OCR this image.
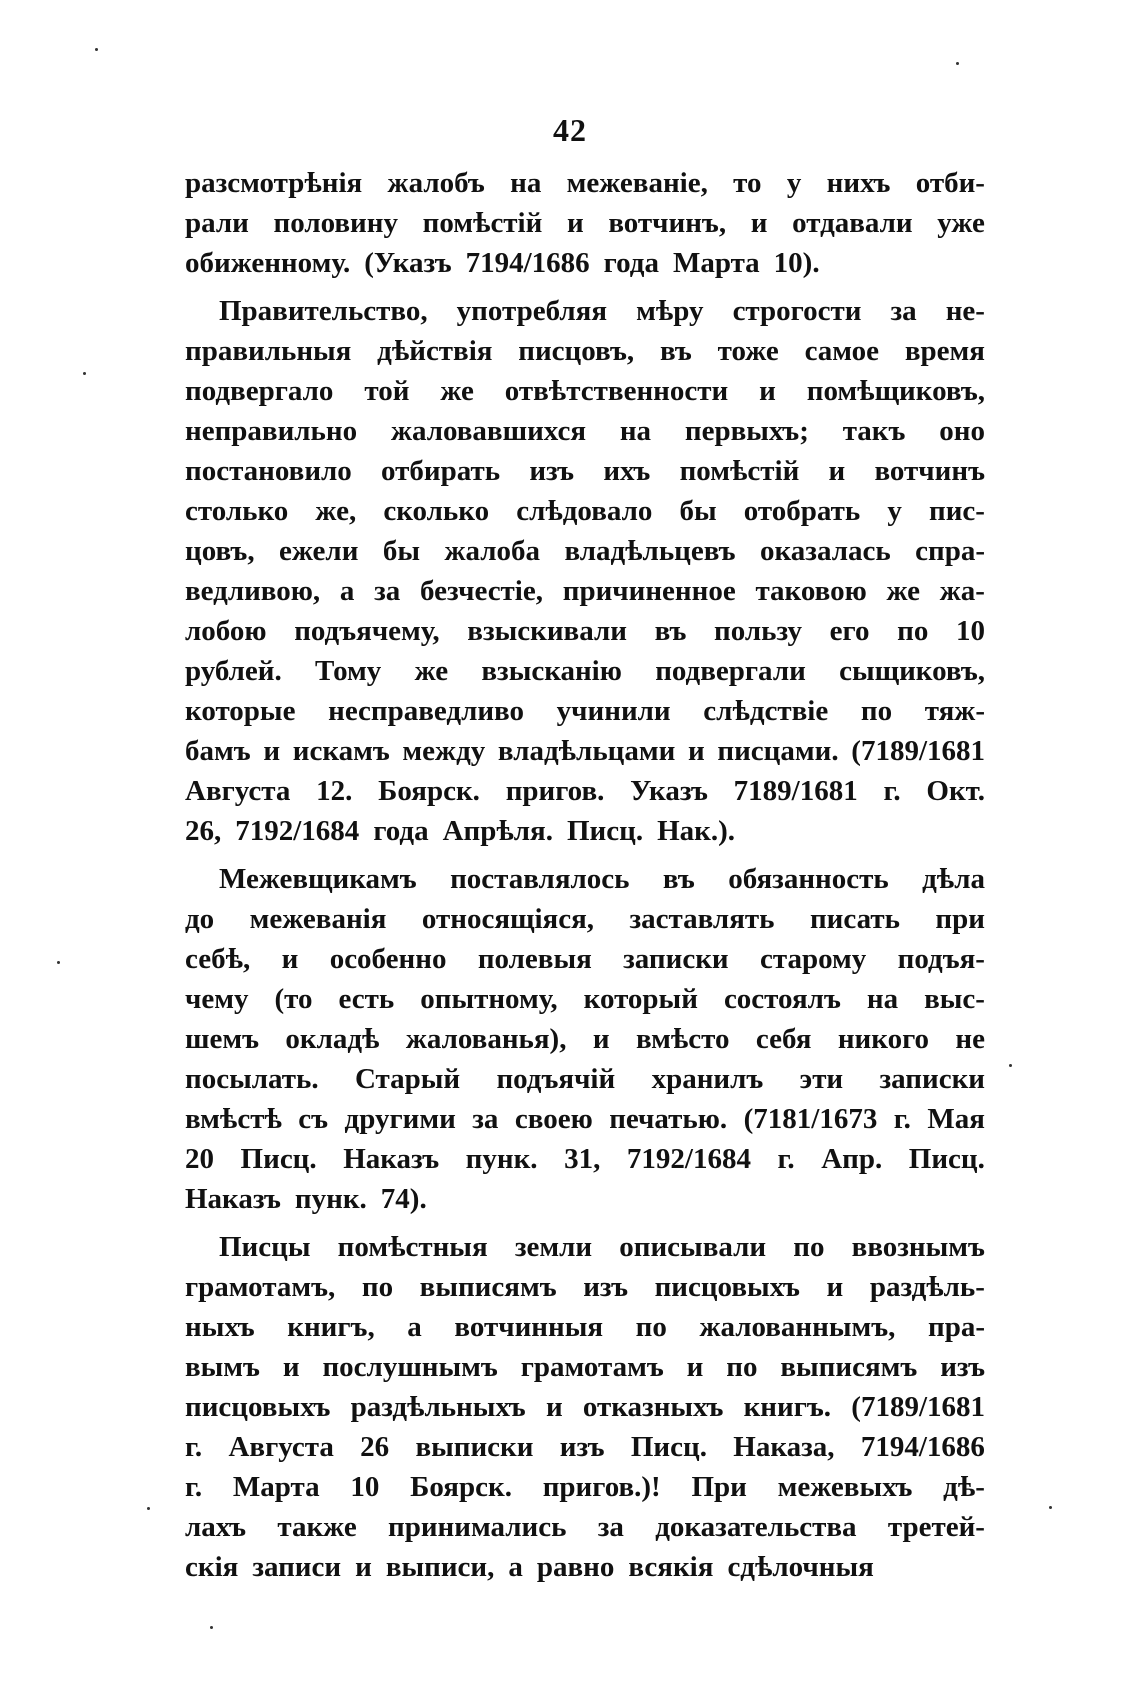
42
разсмотрѣнія жалобъ на межеваніе, то у нихъ отби-
рали половину помѣстій и вотчинъ, и отдавали уже
обиженному. (Указъ 7194/1686 года Марта 10).
Правительство, употребляя мѣру строгости за не-
правильныя дѣйствія писцовъ, въ тоже самое время
подвергало той же отвѣтственности и помѣщиковъ,
неправильно жаловавшихся на первыхъ; такъ оно
постановило отбирать изъ ихъ помѣстій и вотчинъ
столько же, сколько слѣдовало бы отобрать у пис-
цовъ, ежели бы жалоба владѣльцевъ оказалась спра-
ведливою, а за безчестіе, причиненное таковою же жа-
лобою подъячему, взыскивали въ пользу его по 10
рублей. Тому же взысканію подвергали сыщиковъ,
которые несправедливо учинили слѣдствіе по тяж-
бамъ и искамъ между владѣльцами и писцами. (7189/1681
Августа 12. Боярск. пригов. Указъ 7189/1681 г. Окт.
26, 7192/1684 года Апрѣля. Писц. Нак.).
Межевщикамъ поставлялось въ обязанность дѣла
до межеванія относящіяся, заставлять писать при
себѣ, и особенно полевыя записки старому подъя-
чему (то есть опытному, который состоялъ на выс-
шемъ окладѣ жалованья), и вмѣсто себя никого не
посылать. Старый подъячій хранилъ эти записки
вмѣстѣ съ другими за своею печатью. (7181/1673 г. Мая
20 Писц. Наказъ пунк. 31, 7192/1684 г. Апр. Писц.
Наказъ пунк. 74).
Писцы помѣстныя земли описывали по ввознымъ
грамотамъ, по выписямъ изъ писцовыхъ и раздѣль-
ныхъ книгъ, а вотчинныя по жалованнымъ, пра-
вымъ и послушнымъ грамотамъ и по выписямъ изъ
писцовыхъ раздѣльныхъ и отказныхъ книгъ. (7189/1681
г. Августа 26 выписки изъ Писц. Наказа, 7194/1686
г. Марта 10 Боярск. пригов.)! При межевыхъ дѣ-
лахъ также принимались за доказательства третей-
скія записи и выписи, а равно всякія сдѣлочныя
